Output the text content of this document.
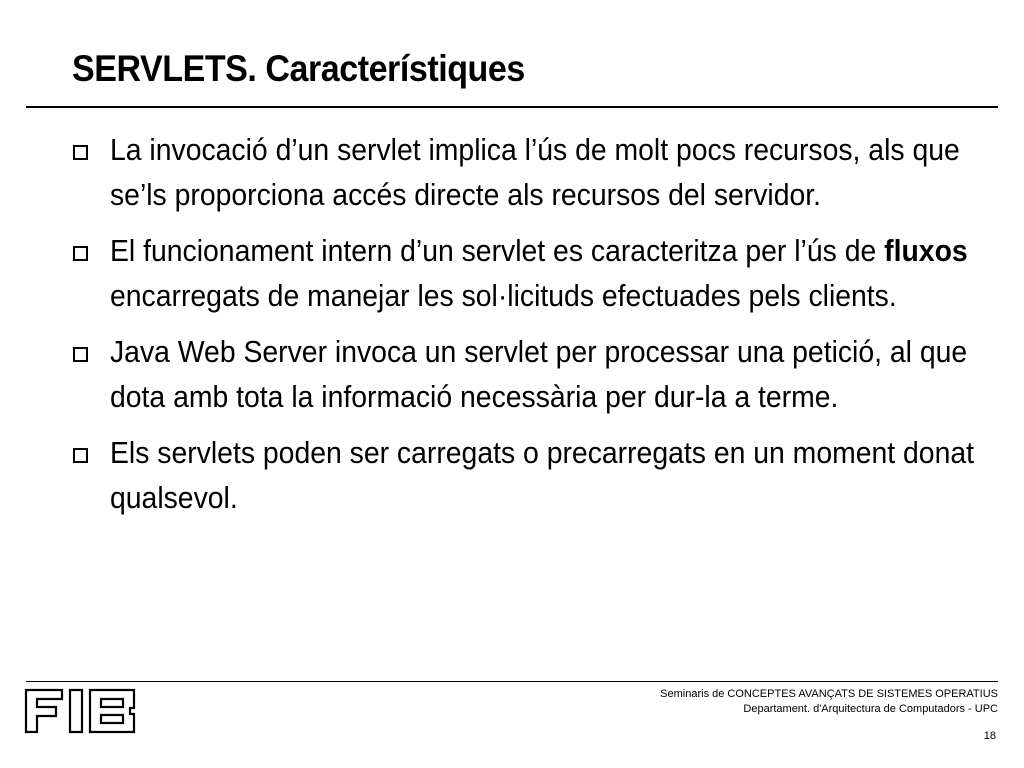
SERVLETS. Característiques
La invocació d’un servlet implica l’ús de molt pocs recursos, als que se’ls proporciona accés directe als recursos del servidor.
El funcionament intern d’un servlet es caracteritza per l’ús de fluxos encarregats de manejar les sol·licituds efectuades pels clients.
Java Web Server invoca un servlet per processar una petició, al que dota amb tota la informació necessària per dur-la a terme.
Els servlets poden ser carregats o precarregats en un moment donat qualsevol.
Seminaris de CONCEPTES AVANÇATS DE SISTEMES OPERATIUS
Departament. d'Arquitectura de Computadors - UPC
18
